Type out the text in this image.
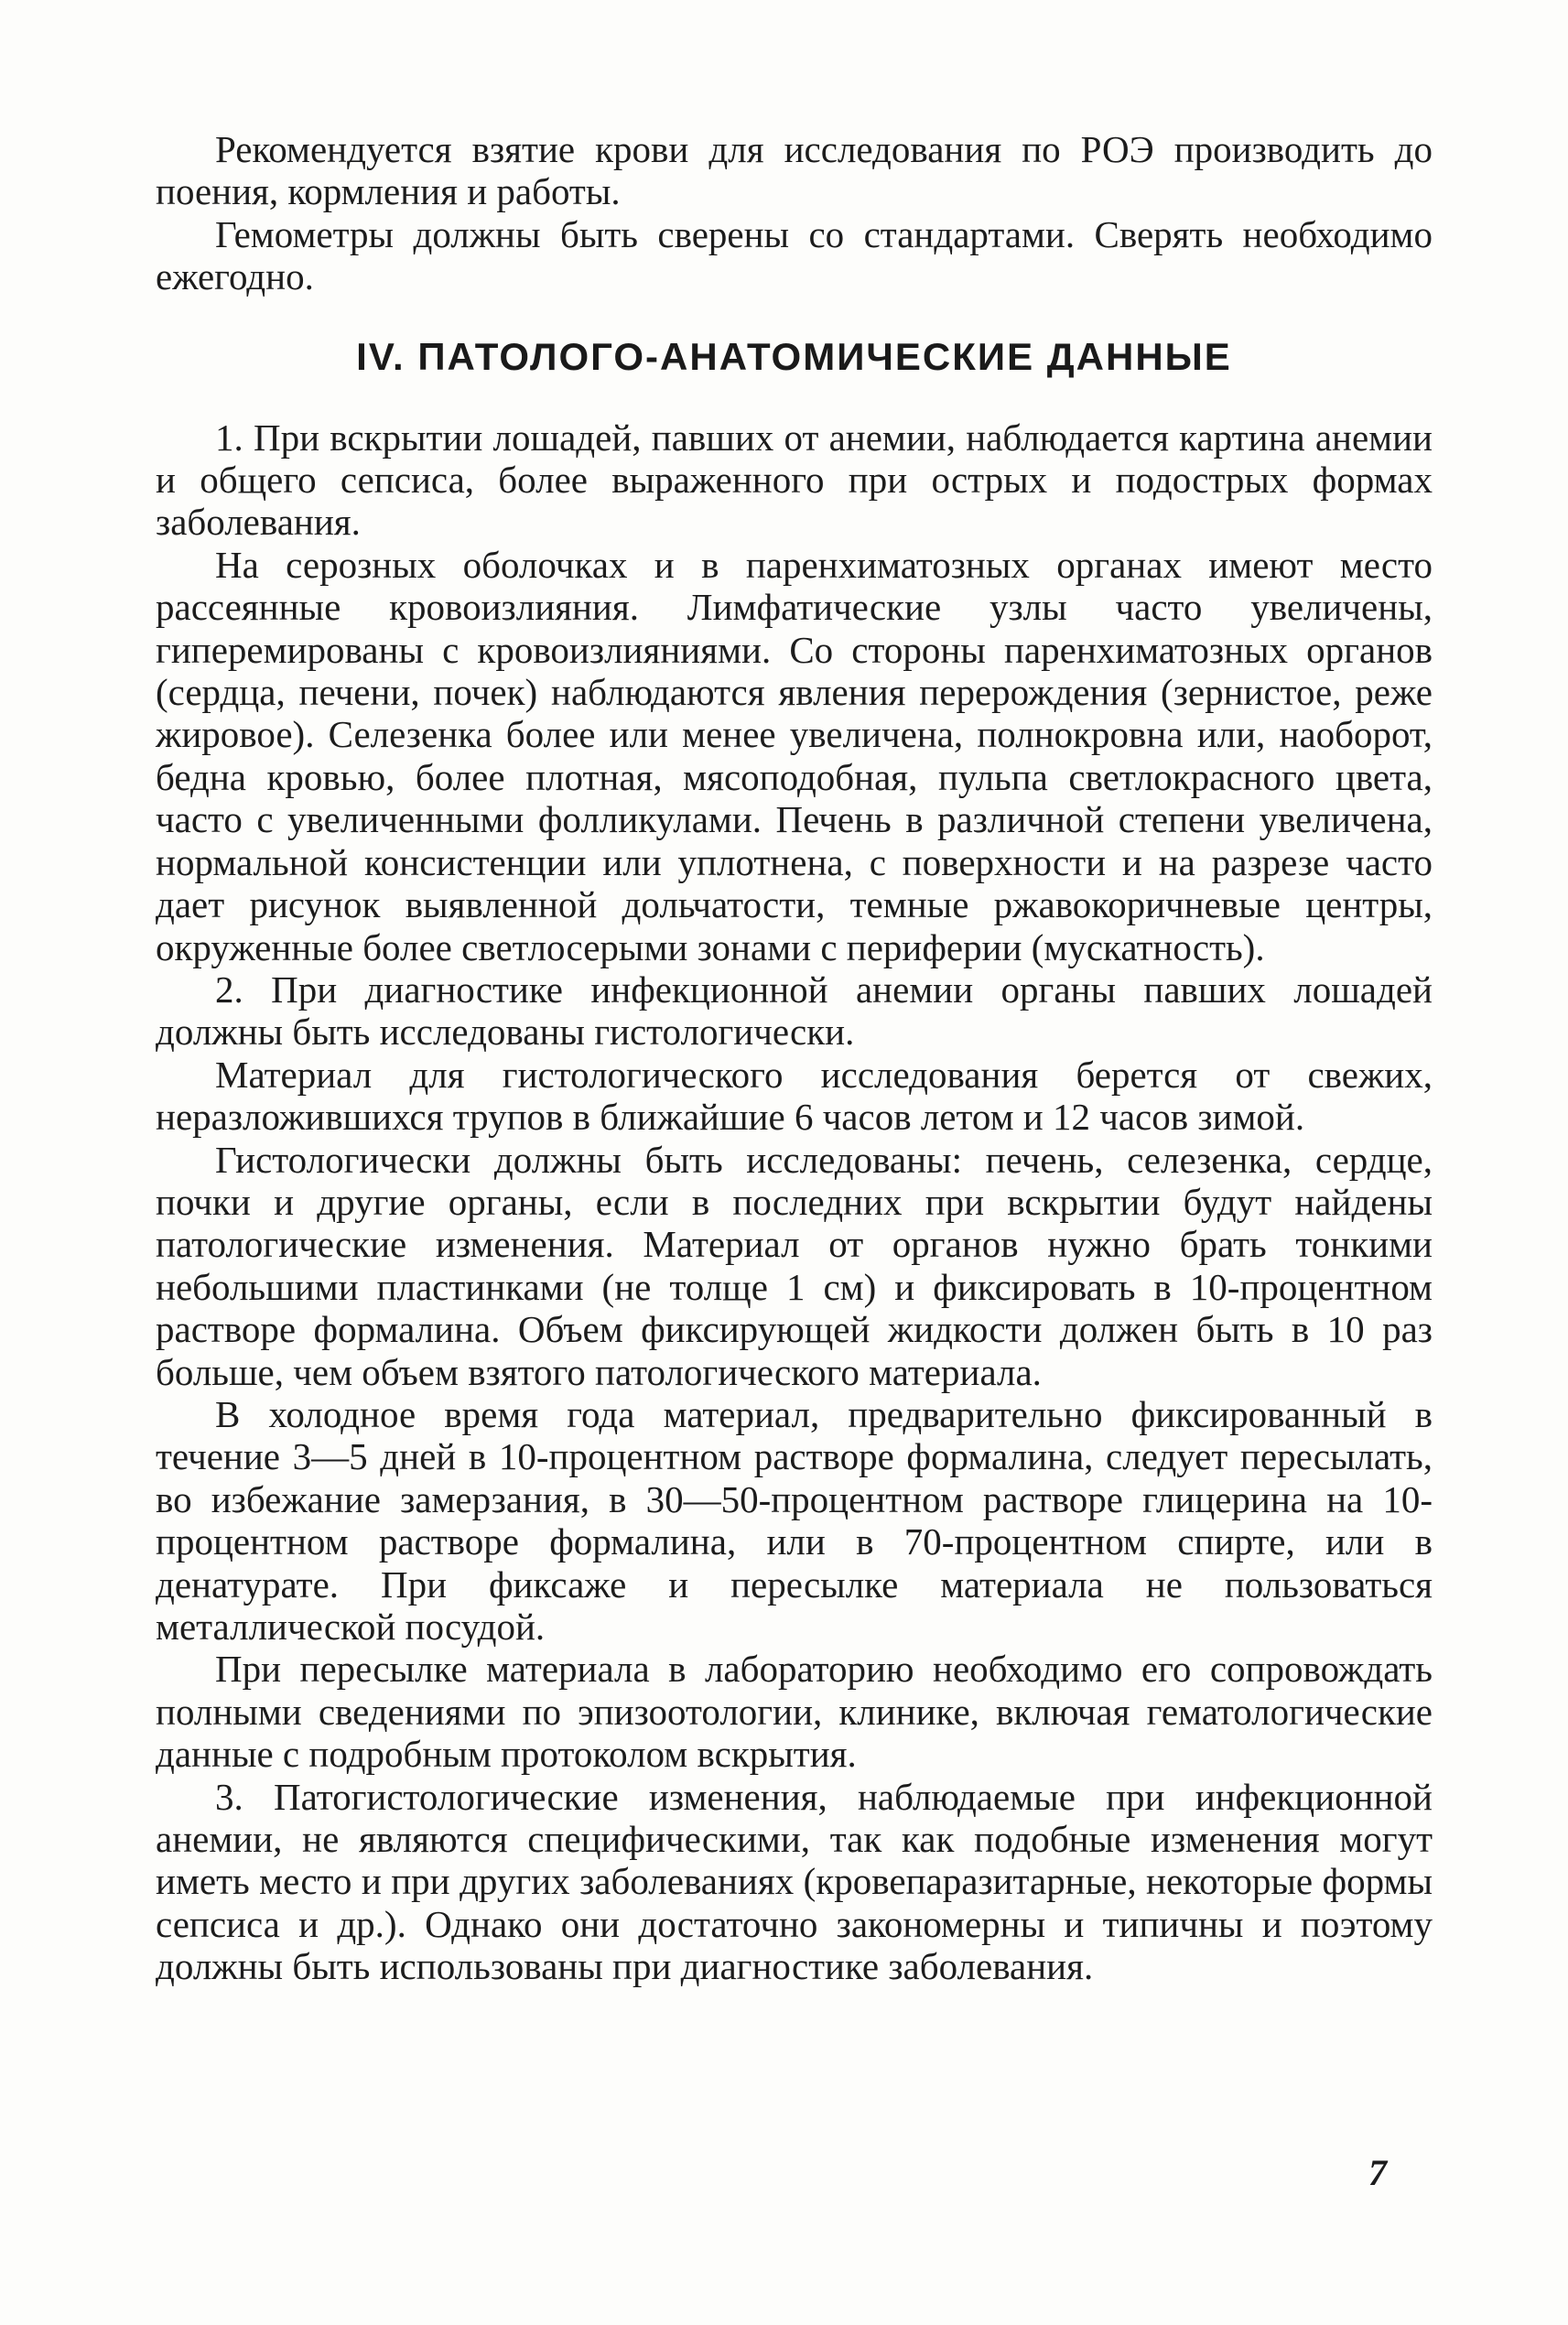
Рекомендуется взятие крови для исследования по РОЭ производить до поения, кормления и работы.

Гемометры должны быть сверены со стандартами. Сверять необходимо ежегодно.

IV. ПАТОЛОГО-АНАТОМИЧЕСКИЕ ДАННЫЕ

1. При вскрытии лошадей, павших от анемии, наблюдается картина анемии и общего сепсиса, более выраженного при острых и подострых формах заболевания.

На серозных оболочках и в паренхиматозных органах имеют место рассеянные кровоизлияния. Лимфатические узлы часто увеличены, гиперемированы с кровоизлияниями. Со стороны паренхиматозных органов (сердца, печени, почек) наблюдаются явления перерождения (зернистое, реже жировое). Селезенка более или менее увеличена, полнокровна или, наоборот, бедна кровью, более плотная, мясоподобная, пульпа светлокрасного цвета, часто с увеличенными фолликулами. Печень в различной степени увеличена, нормальной консистенции или уплотнена, с поверхности и на разрезе часто дает рисунок выявленной дольчатости, темные ржавокоричневые центры, окруженные более светлосерыми зонами с периферии (мускатность).

2. При диагностике инфекционной анемии органы павших лошадей должны быть исследованы гистологически.

Материал для гистологического исследования берется от свежих, неразложившихся трупов в ближайшие 6 часов летом и 12 часов зимой.

Гистологически должны быть исследованы: печень, селезенка, сердце, почки и другие органы, если в последних при вскрытии будут найдены патологические изменения. Материал от органов нужно брать тонкими небольшими пластинками (не толще 1 см) и фиксировать в 10-процентном растворе формалина. Объем фиксирующей жидкости должен быть в 10 раз больше, чем объем взятого патологического материала.

В холодное время года материал, предварительно фиксированный в течение 3—5 дней в 10-процентном растворе формалина, следует пересылать, во избежание замерзания, в 30—50-процентном растворе глицерина на 10-процентном растворе формалина, или в 70-процентном спирте, или в денатурате. При фиксаже и пересылке материала не пользоваться металлической посудой.

При пересылке материала в лабораторию необходимо его сопровождать полными сведениями по эпизоотологии, клинике, включая гематологические данные с подробным протоколом вскрытия.

3. Патогистологические изменения, наблюдаемые при инфекционной анемии, не являются специфическими, так как подобные изменения могут иметь место и при других заболеваниях (кровепаразитарные, некоторые формы сепсиса и др.). Однако они достаточно закономерны и типичны и поэтому должны быть использованы при диагностике заболевания.

7
